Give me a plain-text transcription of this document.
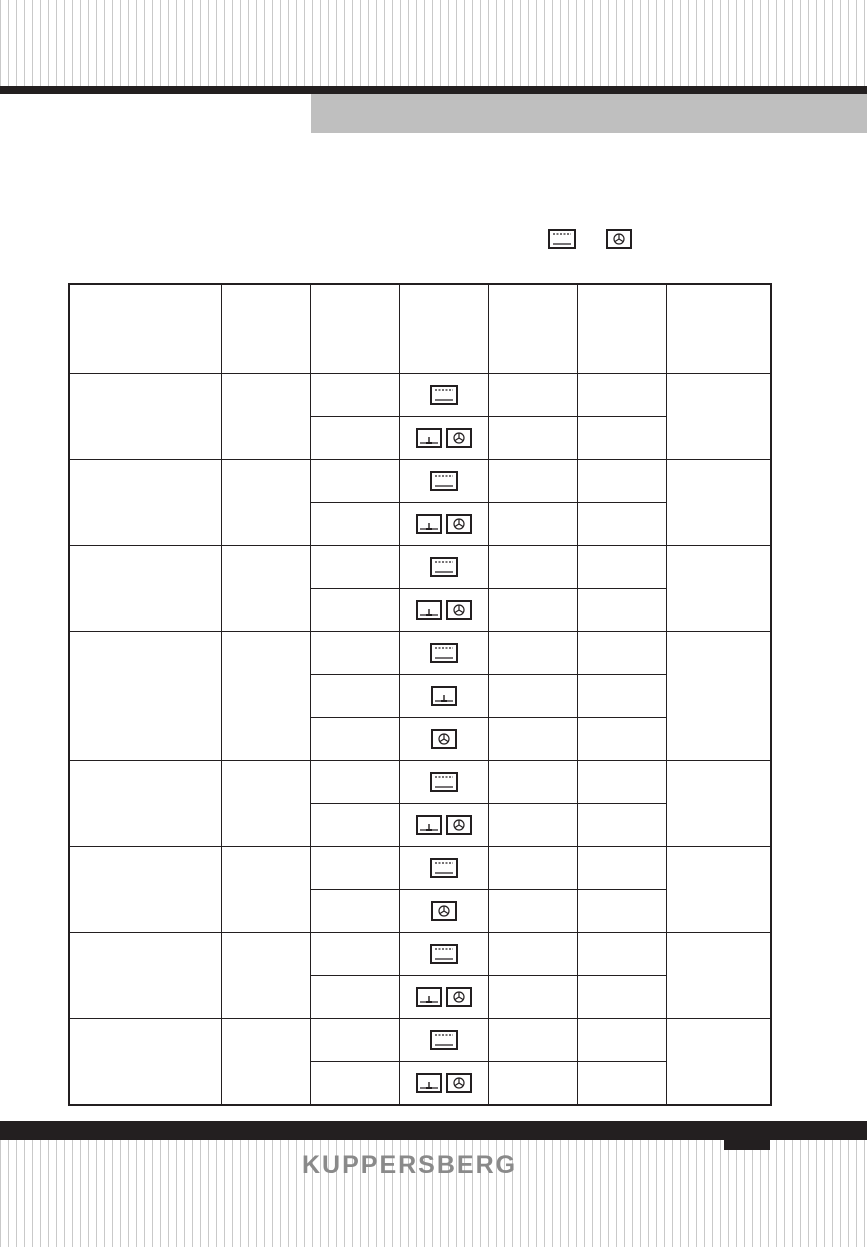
KUPPERSBERG
